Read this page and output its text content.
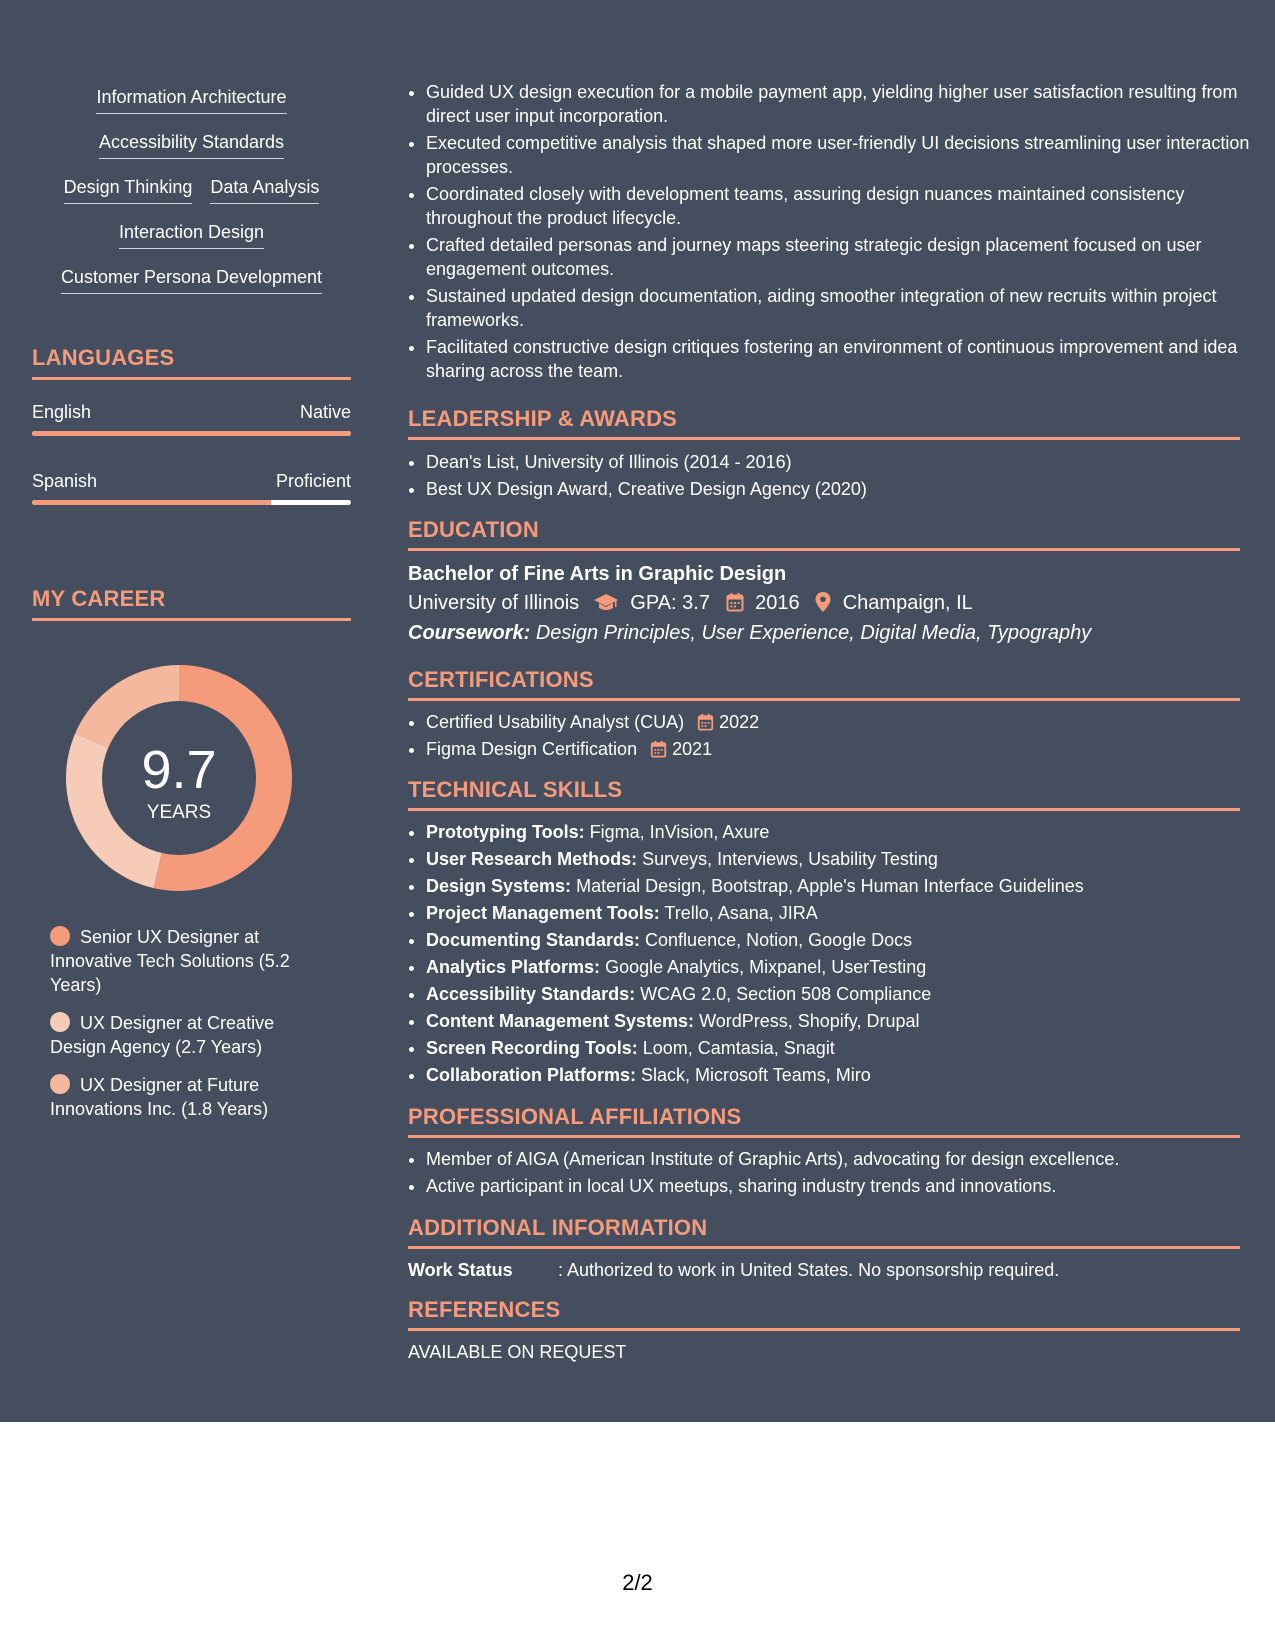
Information Architecture
Accessibility Standards
Design Thinking Data Analysis
Interaction Design
Customer Persona Development
LANGUAGES
English	Native
Spanish	Proficient
MY CAREER
9.7
YEARS
Senior UX Designer at Innovative Tech Solutions (5.2 Years)
UX Designer at Creative Design Agency (2.7 Years)
UX Designer at Future Innovations Inc. (1.8 Years)
• Guided UX design execution for a mobile payment app, yielding higher user satisfaction resulting from direct user input incorporation.
• Executed competitive analysis that shaped more user-friendly UI decisions streamlining user interaction processes.
• Coordinated closely with development teams, assuring design nuances maintained consistency throughout the product lifecycle.
• Crafted detailed personas and journey maps steering strategic design placement focused on user engagement outcomes.
• Sustained updated design documentation, aiding smoother integration of new recruits within project frameworks.
• Facilitated constructive design critiques fostering an environment of continuous improvement and idea sharing across the team.
LEADERSHIP & AWARDS
• Dean's List, University of Illinois (2014 - 2016)
• Best UX Design Award, Creative Design Agency (2020)
EDUCATION
Bachelor of Fine Arts in Graphic Design
University of Illinois	GPA: 3.7 2016 Champaign, IL
Coursework: Design Principles, User Experience, Digital Media, Typography
CERTIFICATIONS
• Certified Usability Analyst (CUA) 2022
• Figma Design Certification 2021
TECHNICAL SKILLS
• Prototyping Tools: Figma, InVision, Axure
• User Research Methods: Surveys, Interviews, Usability Testing
• Design Systems: Material Design, Bootstrap, Apple's Human Interface Guidelines
• Project Management Tools: Trello, Asana, JIRA
• Documenting Standards: Confluence, Notion, Google Docs
• Analytics Platforms: Google Analytics, Mixpanel, UserTesting
• Accessibility Standards: WCAG 2.0, Section 508 Compliance
• Content Management Systems: WordPress, Shopify, Drupal
• Screen Recording Tools: Loom, Camtasia, Snagit
• Collaboration Platforms: Slack, Microsoft Teams, Miro
PROFESSIONAL AFFILIATIONS
• Member of AIGA (American Institute of Graphic Arts), advocating for design excellence.
• Active participant in local UX meetups, sharing industry trends and innovations.
ADDITIONAL INFORMATION
Work Status	: Authorized to work in United States. No sponsorship required.
REFERENCES
AVAILABLE ON REQUEST
2/2
